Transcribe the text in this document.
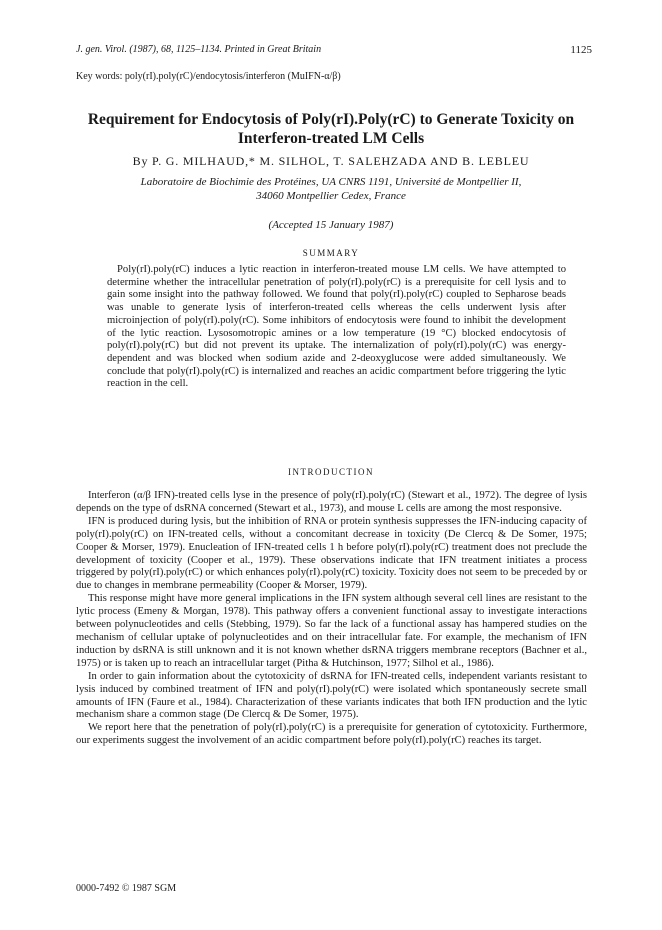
J. gen. Virol. (1987), 68, 1125–1134. Printed in Great Britain	1125
Key words: poly(rI).poly(rC)/endocytosis/interferon (MuIFN-α/β)
Requirement for Endocytosis of Poly(rI).Poly(rC) to Generate Toxicity on Interferon-treated LM Cells
By P. G. MILHAUD,* M. SILHOL, T. SALEHZADA AND B. LEBLEU
Laboratoire de Biochimie des Protéines, UA CNRS 1191, Université de Montpellier II,
34060 Montpellier Cedex, France
(Accepted 15 January 1987)
SUMMARY
Poly(rI).poly(rC) induces a lytic reaction in interferon-treated mouse LM cells. We have attempted to determine whether the intracellular penetration of poly(rI).poly(rC) is a prerequisite for cell lysis and to gain some insight into the pathway followed. We found that poly(rI).poly(rC) coupled to Sepharose beads was unable to generate lysis of interferon-treated cells whereas the cells underwent lysis after microinjection of poly(rI).poly(rC). Some inhibitors of endocytosis were found to inhibit the development of the lytic reaction. Lysosomotropic amines or a low temperature (19 °C) blocked endocytosis of poly(rI).poly(rC) but did not prevent its uptake. The internalization of poly(rI).poly(rC) was energy-dependent and was blocked when sodium azide and 2-deoxyglucose were added simultaneously. We conclude that poly(rI).poly(rC) is internalized and reaches an acidic compartment before triggering the lytic reaction in the cell.
INTRODUCTION

Interferon (α/β IFN)-treated cells lyse in the presence of poly(rI).poly(rC) (Stewart et al., 1972). The degree of lysis depends on the type of dsRNA concerned (Stewart et al., 1973), and mouse L cells are among the most responsive.

IFN is produced during lysis, but the inhibition of RNA or protein synthesis suppresses the IFN-inducing capacity of poly(rI).poly(rC) on IFN-treated cells, without a concomitant decrease in toxicity (De Clercq & De Somer, 1975; Cooper & Morser, 1979). Enucleation of IFN-treated cells 1 h before poly(rI).poly(rC) treatment does not preclude the development of toxicity (Cooper et al., 1979). These observations indicate that IFN treatment initiates a process triggered by poly(rI).poly(rC) or which enhances poly(rI).poly(rC) toxicity. Toxicity does not seem to be preceded by or due to changes in membrane permeability (Cooper & Morser, 1979).

This response might have more general implications in the IFN system although several cell lines are resistant to the lytic process (Emeny & Morgan, 1978). This pathway offers a convenient functional assay to investigate interactions between polynucleotides and cells (Stebbing, 1979). So far the lack of a functional assay has hampered studies on the mechanism of cellular uptake of polynucleotides and on their intracellular fate. For example, the mechanism of IFN induction by dsRNA is still unknown and it is not known whether dsRNA triggers membrane receptors (Bachner et al., 1975) or is taken up to reach an intracellular target (Pitha & Hutchinson, 1977; Silhol et al., 1986).

In order to gain information about the cytotoxicity of dsRNA for IFN-treated cells, independent variants resistant to lysis induced by combined treatment of IFN and poly(rI).poly(rC) were isolated which spontaneously secrete small amounts of IFN (Faure et al., 1984). Characterization of these variants indicates that both IFN production and the lytic mechanism share a common stage (De Clercq & De Somer, 1975).

We report here that the penetration of poly(rI).poly(rC) is a prerequisite for generation of cytotoxicity. Furthermore, our experiments suggest the involvement of an acidic compartment before poly(rI).poly(rC) reaches its target.

0000-7492 © 1987 SGM
